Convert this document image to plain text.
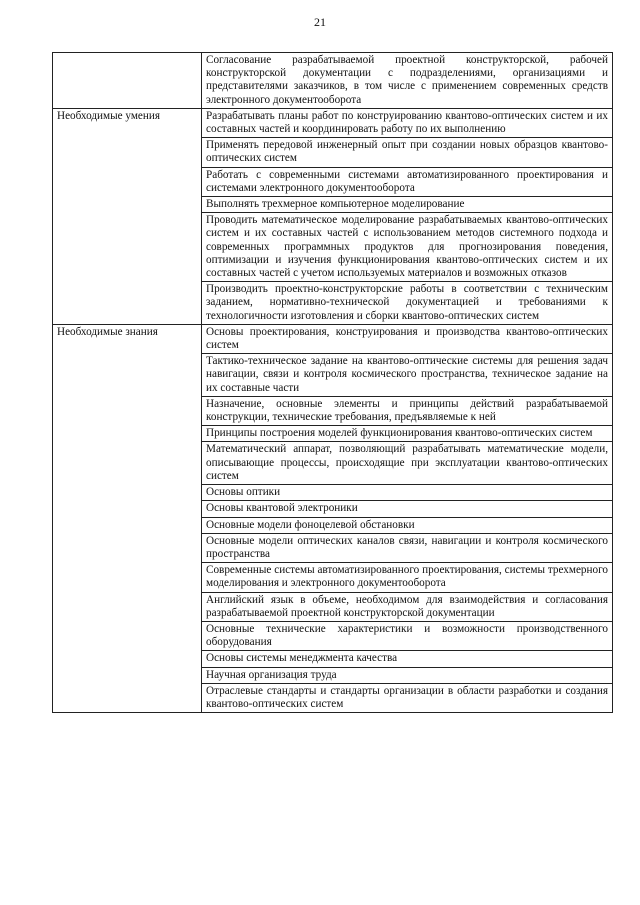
21
	Согласование разрабатываемой проектной конструкторской, рабочей конструкторской документации с подразделениями, организациями и представителями заказчиков, в том числе с применением современных средств электронного документооборота
Необходимые умения	Разрабатывать планы работ по конструированию квантово-оптических систем и их составных частей и координировать работу по их выполнению
	Применять передовой инженерный опыт при создании новых образцов квантово-оптических систем
	Работать с современными системами автоматизированного проектирования и системами электронного документооборота
	Выполнять трехмерное компьютерное моделирование
	Проводить математическое моделирование разрабатываемых квантово-оптических систем и их составных частей с использованием методов системного подхода и современных программных продуктов для прогнозирования поведения, оптимизации и изучения функционирования квантово-оптических систем и их составных частей с учетом используемых материалов и возможных отказов
	Производить проектно-конструкторские работы в соответствии с техническим заданием, нормативно-технической документацией и требованиями к технологичности изготовления и сборки квантово-оптических систем
Необходимые знания	Основы проектирования, конструирования и производства квантово-оптических систем
	Тактико-техническое задание на квантово-оптические системы для решения задач навигации, связи и контроля космического пространства, техническое задание на их составные части
	Назначение, основные элементы и принципы действий разрабатываемой конструкции, технические требования, предъявляемые к ней
	Принципы построения моделей функционирования квантово-оптических систем
	Математический аппарат, позволяющий разрабатывать математические модели, описывающие процессы, происходящие при эксплуатации квантово-оптических систем
	Основы оптики
	Основы квантовой электроники
	Основные модели фоноцелевой обстановки
	Основные модели оптических каналов связи, навигации и контроля космического пространства
	Современные системы автоматизированного проектирования, системы трехмерного моделирования и электронного документооборота
	Английский язык в объеме, необходимом для взаимодействия и согласования разрабатываемой проектной конструкторской документации
	Основные технические характеристики и возможности производственного оборудования
	Основы системы менеджмента качества
	Научная организация труда
	Отраслевые стандарты и стандарты организации в области разработки и создания квантово-оптических систем
